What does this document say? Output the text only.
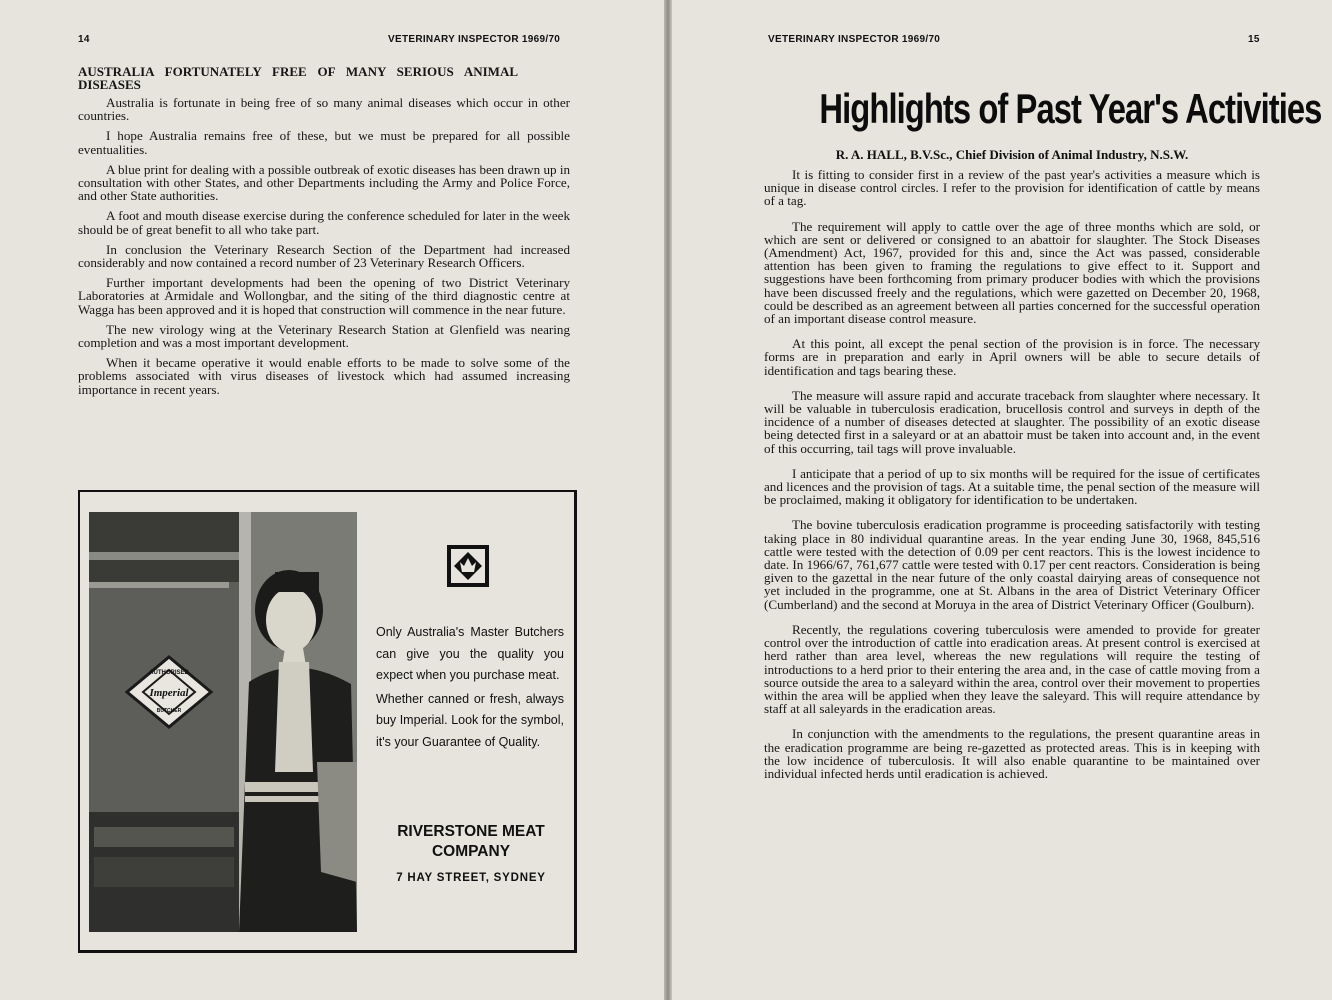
14	VETERINARY INSPECTOR 1969/70
AUSTRALIA FORTUNATELY FREE OF MANY SERIOUS ANIMAL DISEASES

Australia is fortunate in being free of so many animal diseases which occur in other countries.

I hope Australia remains free of these, but we must be prepared for all possible eventualities.

A blue print for dealing with a possible outbreak of exotic diseases has been drawn up in consultation with other States, and other Departments including the Army and Police Force, and other State authorities.

A foot and mouth disease exercise during the conference scheduled for later in the week should be of great benefit to all who take part.

In conclusion the Veterinary Research Section of the Department had increased considerably and now contained a record number of 23 Veterinary Research Officers.

Further important developments had been the opening of two District Veterinary Laboratories at Armidale and Wollongbar, and the siting of the third diagnostic centre at Wagga has been approved and it is hoped that construction will commence in the near future.

The new virology wing at the Veterinary Research Station at Glenfield was nearing completion and was a most important development.

When it became operative it would enable efforts to be made to solve some of the problems associated with virus diseases of livestock which had assumed increasing importance in recent years.

AUTHORISED
Imperial
BUTCHER

Only Australia's Master Butchers can give you the quality you expect when you purchase meat.

Whether canned or fresh, always buy Imperial. Look for the symbol, it's your Guarantee of Quality.

RIVERSTONE MEAT COMPANY
7 HAY STREET, SYDNEY
VETERINARY INSPECTOR 1969/70	15
Highlights of Past Year's Activities
R. A. HALL, B.V.Sc., Chief Division of Animal Industry, N.S.W.

It is fitting to consider first in a review of the past year's activities a measure which is unique in disease control circles. I refer to the provision for identification of cattle by means of a tag.

The requirement will apply to cattle over the age of three months which are sold, or which are sent or delivered or consigned to an abattoir for slaughter. The Stock Diseases (Amendment) Act, 1967, provided for this and, since the Act was passed, considerable attention has been given to framing the regulations to give effect to it. Support and suggestions have been forthcoming from primary producer bodies with which the provisions have been discussed freely and the regulations, which were gazetted on December 20, 1968, could be described as an agreement between all parties concerned for the successful operation of an important disease control measure.

At this point, all except the penal section of the provision is in force. The necessary forms are in preparation and early in April owners will be able to secure details of identification and tags bearing these.

The measure will assure rapid and accurate traceback from slaughter where necessary. It will be valuable in tuberculosis eradication, brucellosis control and surveys in depth of the incidence of a number of diseases detected at slaughter. The possibility of an exotic disease being detected first in a saleyard or at an abattoir must be taken into account and, in the event of this occurring, tail tags will prove invaluable.

I anticipate that a period of up to six months will be required for the issue of certificates and licences and the provision of tags. At a suitable time, the penal section of the measure will be proclaimed, making it obligatory for identification to be undertaken.

The bovine tuberculosis eradication programme is proceeding satisfactorily with testing taking place in 80 individual quarantine areas. In the year ending June 30, 1968, 845,516 cattle were tested with the detection of 0.09 per cent reactors. This is the lowest incidence to date. In 1966/67, 761,677 cattle were tested with 0.17 per cent reactors. Consideration is being given to the gazettal in the near future of the only coastal dairying areas of consequence not yet included in the programme, one at St. Albans in the area of District Veterinary Officer (Cumberland) and the second at Moruya in the area of District Veterinary Officer (Goulburn).

Recently, the regulations covering tuberculosis were amended to provide for greater control over the introduction of cattle into eradication areas. At present control is exercised at herd rather than area level, whereas the new regulations will require the testing of introductions to a herd prior to their entering the area and, in the case of cattle moving from a source outside the area to a saleyard within the area, control over their movement to properties within the area will be applied when they leave the saleyard. This will require attendance by staff at all saleyards in the eradication areas.

In conjunction with the amendments to the regulations, the present quarantine areas in the eradication programme are being re-gazetted as protected areas. This is in keeping with the low incidence of tuberculosis. It will also enable quarantine to be maintained over individual infected herds until eradication is achieved.
